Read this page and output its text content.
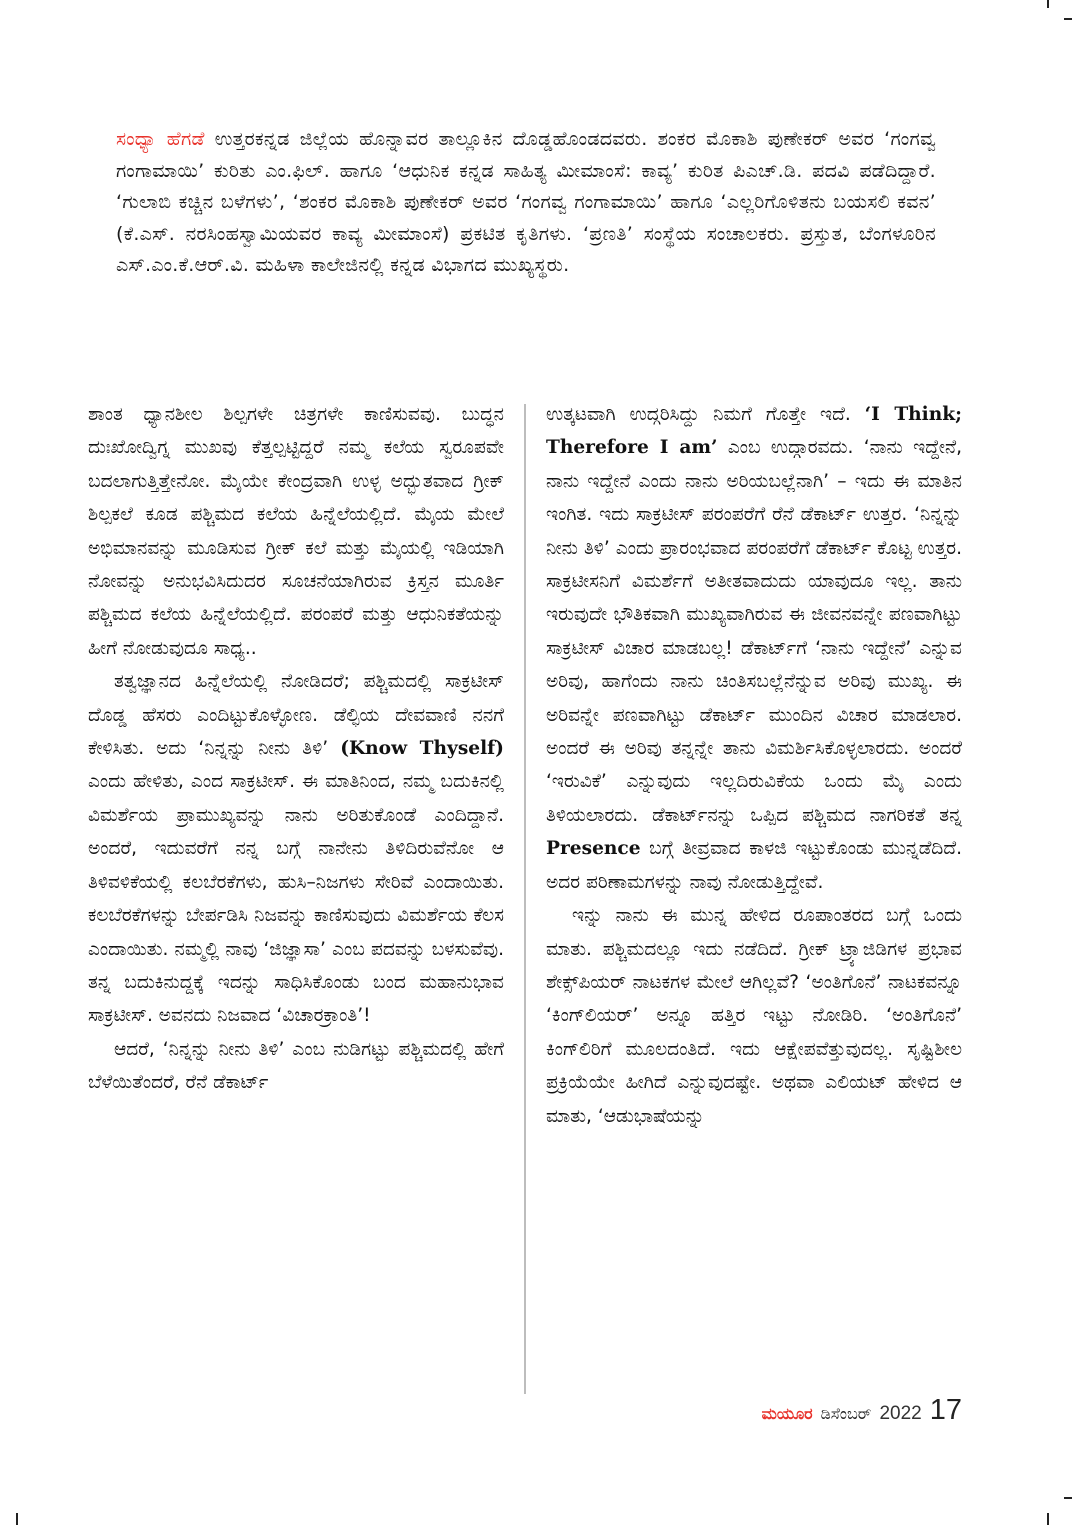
ಸಂಧ್ಯಾ ಹೆಗಡೆ ಉತ್ತರಕನ್ನಡ ಜಿಲ್ಲೆಯ ಹೊನ್ನಾವರ ತಾಲ್ಲೂಕಿನ ದೊಡ್ಡಹೊಂಡದವರು. ಶಂಕರ ಮೊಕಾಶಿ ಪುಣೇಕರ್ ಅವರ ‘ಗಂಗವ್ವ ಗಂಗಾಮಾಯಿ’ ಕುರಿತು ಎಂ.ಫಿಲ್. ಹಾಗೂ ‘ಆಧುನಿಕ ಕನ್ನಡ ಸಾಹಿತ್ಯ ಮೀಮಾಂಸೆ: ಕಾವ್ಯ’ ಕುರಿತ ಪಿಎಚ್.ಡಿ. ಪದವಿ ಪಡೆದಿದ್ದಾರೆ. ‘ಗುಲಾಬಿ ಕಚ್ಚಿನ ಬಳೆಗಳು’, ‘ಶಂಕರ ಮೊಕಾಶಿ ಪುಣೇಕರ್ ಅವರ ‘ಗಂಗವ್ವ ಗಂಗಾಮಾಯಿ’ ಹಾಗೂ ‘ಎಲ್ಲರಿಗೊಳಿತನು ಬಯಸಲಿ ಕವನ’ (ಕೆ.ಎಸ್. ನರಸಿಂಹಸ್ವಾಮಿಯವರ ಕಾವ್ಯ ಮೀಮಾಂಸೆ) ಪ್ರಕಟಿತ ಕೃತಿಗಳು. ‘ಪ್ರಣತಿ’ ಸಂಸ್ಥೆಯ ಸಂಚಾಲಕರು. ಪ್ರಸ್ತುತ, ಬೆಂಗಳೂರಿನ ಎಸ್.ಎಂ.ಕೆ.ಆರ್.ವಿ. ಮಹಿಳಾ ಕಾಲೇಜಿನಲ್ಲಿ ಕನ್ನಡ ವಿಭಾಗದ ಮುಖ್ಯಸ್ಥರು.

ಶಾಂತ ಧ್ಯಾನಶೀಲ ಶಿಲ್ಪಗಳೇ ಚಿತ್ರಗಳೇ ಕಾಣಿಸುವವು. ಬುದ್ಧನ ದುಃಖೋದ್ವಿಗ್ನ ಮುಖವು ಕೆತ್ತಲ್ಪಟ್ಟಿದ್ದರೆ ನಮ್ಮ ಕಲೆಯ ಸ್ವರೂಪವೇ ಬದಲಾಗುತ್ತಿತ್ತೇನೋ. ಮೈಯೇ ಕೇಂದ್ರವಾಗಿ ಉಳ್ಳ ಅದ್ಭುತವಾದ ಗ್ರೀಕ್ ಶಿಲ್ಪಕಲೆ ಕೂಡ ಪಶ್ಚಿಮದ ಕಲೆಯ ಹಿನ್ನೆಲೆಯಲ್ಲಿದೆ. ಮೈಯ ಮೇಲೆ ಅಭಿಮಾನವನ್ನು ಮೂಡಿಸುವ ಗ್ರೀಕ್ ಕಲೆ ಮತ್ತು ಮೈಯಲ್ಲಿ ಇಡಿಯಾಗಿ ನೋವನ್ನು ಅನುಭವಿಸಿದುದರ ಸೂಚನೆಯಾಗಿರುವ ಕ್ರಿಸ್ತನ ಮೂರ್ತಿ ಪಶ್ಚಿಮದ ಕಲೆಯ ಹಿನ್ನೆಲೆಯಲ್ಲಿದೆ. ಪರಂಪರೆ ಮತ್ತು ಆಧುನಿಕತೆಯನ್ನು ಹೀಗೆ ನೋಡುವುದೂ ಸಾಧ್ಯ..

ತತ್ವಜ್ಞಾನದ ಹಿನ್ನೆಲೆಯಲ್ಲಿ ನೋಡಿದರೆ; ಪಶ್ಚಿಮದಲ್ಲಿ ಸಾಕ್ರಟೀಸ್ ದೊಡ್ಡ ಹೆಸರು ಎಂದಿಟ್ಟುಕೊಳ್ಳೋಣ. ಡೆಲ್ಫಿಯ ದೇವವಾಣಿ ನನಗೆ ಕೇಳಿಸಿತು. ಅದು ‘ನಿನ್ನನ್ನು ನೀನು ತಿಳಿ’ (Know Thyself) ಎಂದು ಹೇಳಿತು, ಎಂದ ಸಾಕ್ರಟೀಸ್. ಈ ಮಾತಿನಿಂದ, ನಮ್ಮ ಬದುಕಿನಲ್ಲಿ ವಿಮರ್ಶೆಯ ಪ್ರಾಮುಖ್ಯವನ್ನು ನಾನು ಅರಿತುಕೊಂಡೆ ಎಂದಿದ್ದಾನೆ. ಅಂದರೆ, ಇದುವರೆಗೆ ನನ್ನ ಬಗ್ಗೆ ನಾನೇನು ತಿಳಿದಿರುವೆನೋ ಆ ತಿಳಿವಳಿಕೆಯಲ್ಲಿ ಕಲಬೆರಕೆಗಳು, ಹುಸಿ–ನಿಜಗಳು ಸೇರಿವೆ ಎಂದಾಯಿತು. ಕಲಬೆರಕೆಗಳನ್ನು ಬೇರ್ಪಡಿಸಿ ನಿಜವನ್ನು ಕಾಣಿಸುವುದು ವಿಮರ್ಶೆಯ ಕೆಲಸ ಎಂದಾಯಿತು. ನಮ್ಮಲ್ಲಿ ನಾವು ‘ಜಿಜ್ಞಾಸಾ’ ಎಂಬ ಪದವನ್ನು ಬಳಸುವೆವು. ತನ್ನ ಬದುಕಿನುದ್ದಕ್ಕೆ ಇದನ್ನು ಸಾಧಿಸಿಕೊಂಡು ಬಂದ ಮಹಾನುಭಾವ ಸಾಕ್ರಟೀಸ್. ಅವನದು ನಿಜವಾದ ‘ವಿಚಾರಕ್ರಾಂತಿ’!

ಆದರೆ, ‘ನಿನ್ನನ್ನು ನೀನು ತಿಳಿ’ ಎಂಬ ನುಡಿಗಟ್ಟು ಪಶ್ಚಿಮದಲ್ಲಿ ಹೇಗೆ ಬೆಳೆಯಿತೆಂದರೆ, ರೆನೆ ಡೆಕಾರ್ಟ್

ಉತ್ಕಟವಾಗಿ ಉದ್ಗರಿಸಿದ್ದು ನಿಮಗೆ ಗೊತ್ತೇ ಇದೆ. ‘I Think; Therefore I am’ ಎಂಬ ಉದ್ಗಾರವದು. ‘ನಾನು ಇದ್ದೇನೆ, ನಾನು ಇದ್ದೇನೆ ಎಂದು ನಾನು ಅರಿಯಬಲ್ಲೆನಾಗಿ’ – ಇದು ಈ ಮಾತಿನ ಇಂಗಿತ. ಇದು ಸಾಕ್ರಟೀಸ್ ಪರಂಪರೆಗೆ ರೆನೆ ಡೆಕಾರ್ಟ್ ಉತ್ತರ. ‘ನಿನ್ನನ್ನು ನೀನು ತಿಳಿ’ ಎಂದು ಪ್ರಾರಂಭವಾದ ಪರಂಪರೆಗೆ ಡೆಕಾರ್ಟ್ ಕೊಟ್ಟ ಉತ್ತರ. ಸಾಕ್ರಟೀಸನಿಗೆ ವಿಮರ್ಶೆಗೆ ಅತೀತವಾದುದು ಯಾವುದೂ ಇಲ್ಲ. ತಾನು ಇರುವುದೇ ಭೌತಿಕವಾಗಿ ಮುಖ್ಯವಾಗಿರುವ ಈ ಜೀವನವನ್ನೇ ಪಣವಾಗಿಟ್ಟು ಸಾಕ್ರಟೀಸ್ ವಿಚಾರ ಮಾಡಬಲ್ಲ! ಡೆಕಾರ್ಟ್‌ಗೆ ‘ನಾನು ಇದ್ದೇನೆ’ ಎನ್ನುವ ಅರಿವು, ಹಾಗೆಂದು ನಾನು ಚಿಂತಿಸಬಲ್ಲೆನೆನ್ನುವ ಅರಿವು ಮುಖ್ಯ. ಈ ಅರಿವನ್ನೇ ಪಣವಾಗಿಟ್ಟು ಡೆಕಾರ್ಟ್ ಮುಂದಿನ ವಿಚಾರ ಮಾಡಲಾರ. ಅಂದರೆ ಈ ಅರಿವು ತನ್ನನ್ನೇ ತಾನು ವಿಮರ್ಶಿಸಿಕೊಳ್ಳಲಾರದು. ಅಂದರೆ ‘ಇರುವಿಕೆ’ ಎನ್ನುವುದು ಇಲ್ಲದಿರುವಿಕೆಯ ಒಂದು ಮೈ ಎಂದು ತಿಳಿಯಲಾರದು. ಡೆಕಾರ್ಟ್‌ನನ್ನು ಒಪ್ಪಿದ ಪಶ್ಚಿಮದ ನಾಗರಿಕತೆ ತನ್ನ Presence ಬಗ್ಗೆ ತೀವ್ರವಾದ ಕಾಳಜಿ ಇಟ್ಟುಕೊಂಡು ಮುನ್ನಡೆದಿದೆ. ಅದರ ಪರಿಣಾಮಗಳನ್ನು ನಾವು ನೋಡುತ್ತಿದ್ದೇವೆ.

ಇನ್ನು ನಾನು ಈ ಮುನ್ನ ಹೇಳಿದ ರೂಪಾಂತರದ ಬಗ್ಗೆ ಒಂದು ಮಾತು. ಪಶ್ಚಿಮದಲ್ಲೂ ಇದು ನಡೆದಿದೆ. ಗ್ರೀಕ್ ಟ್ರ್ಯಾಜಿಡಿಗಳ ಪ್ರಭಾವ ಶೇಕ್ಸ್‌ಪಿಯರ್ ನಾಟಕಗಳ ಮೇಲೆ ಆಗಿಲ್ಲವೆ? ‘ಅಂತಿಗೊನೆ’ ನಾಟಕವನ್ನೂ ‘ಕಿಂಗ್‌ಲಿಯರ್’ ಅನ್ನೂ ಹತ್ತಿರ ಇಟ್ಟು ನೋಡಿರಿ. ‘ಅಂತಿಗೊನೆ’ ಕಿಂಗ್‌ಲಿರಿಗೆ ಮೂಲದಂತಿದೆ. ಇದು ಆಕ್ಷೇಪವೆತ್ತುವುದಲ್ಲ. ಸೃಷ್ಟಿಶೀಲ ಪ್ರಕ್ರಿಯೆಯೇ ಹೀಗಿದೆ ಎನ್ನುವುದಷ್ಟೇ. ಅಥವಾ ಎಲಿಯಟ್ ಹೇಳಿದ ಆ ಮಾತು, ‘ಆಡುಭಾಷೆಯನ್ನು

ಮಯೂರ ಡಿಸೆಂಬರ್ 2022 17
